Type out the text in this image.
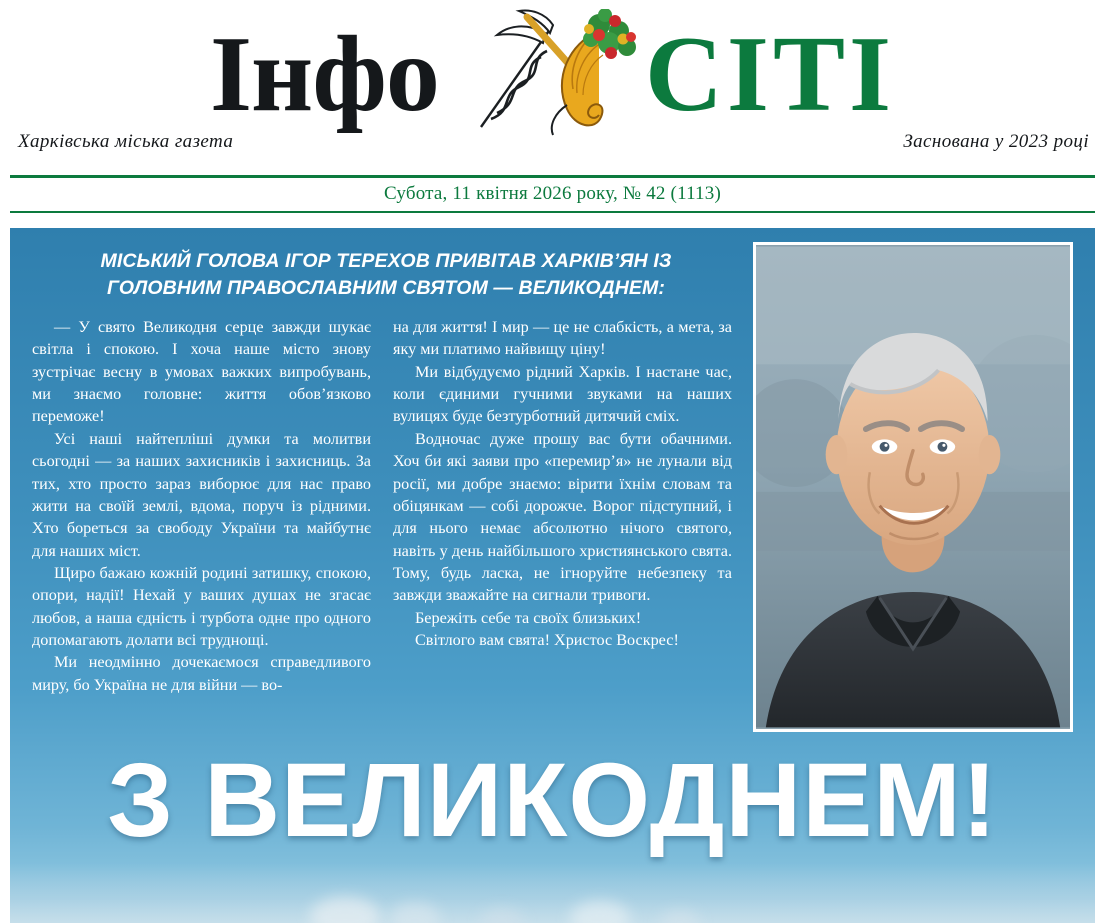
Інфо СІТІ
Харківська міська газета	Заснована у 2023 році
Субота, 11 квітня 2026 року, № 42 (1113)
МІСЬКИЙ ГОЛОВА ІГОР ТЕРЕХОВ ПРИВІТАВ ХАРКІВ’ЯН ІЗ ГОЛОВНИМ ПРАВОСЛАВНИМ СВЯТОМ — ВЕЛИКОДНЕМ:

— У свято Великодня серце завжди шукає світла і спокою. І хоча наше місто знову зустрічає весну в умовах важких випробувань, ми знаємо головне: життя обов’язково переможе!

Усі наші найтепліші думки та молитви сьогодні — за наших захисників і захисниць. За тих, хто просто зараз виборює для нас право жити на своїй землі, вдома, поруч із рідними. Хто бореться за свободу України та майбутнє для наших міст.

Щиро бажаю кожній родині затишку, спокою, опори, надії! Нехай у ваших душах не згасає любов, а наша єдність і турбота одне про одного допомагають долати всі труднощі.

Ми неодмінно дочекаємося справедливого миру, бо Україна не для війни — во-

на для життя! І мир — це не слабкість, а мета, за яку ми платимо найвищу ціну!

Ми відбудуємо рідний Харків. І настане час, коли єдиними гучними звуками на наших вулицях буде безтурботний дитячий сміх.

Водночас дуже прошу вас бути обачними. Хоч би які заяви про «перемир’я» не лунали від росії, ми добре знаємо: вірити їхнім словам та обіцянкам — собі дорожче. Ворог підступний, і для нього немає абсолютно нічого святого, навіть у день найбільшого християнського свята. Тому, будь ласка, не ігноруйте небезпеку та завжди зважайте на сигнали тривоги.

Бережіть себе та своїх близьких!

Світлого вам свята! Христос Воскрес!

З ВЕЛИКОДНЕМ!
